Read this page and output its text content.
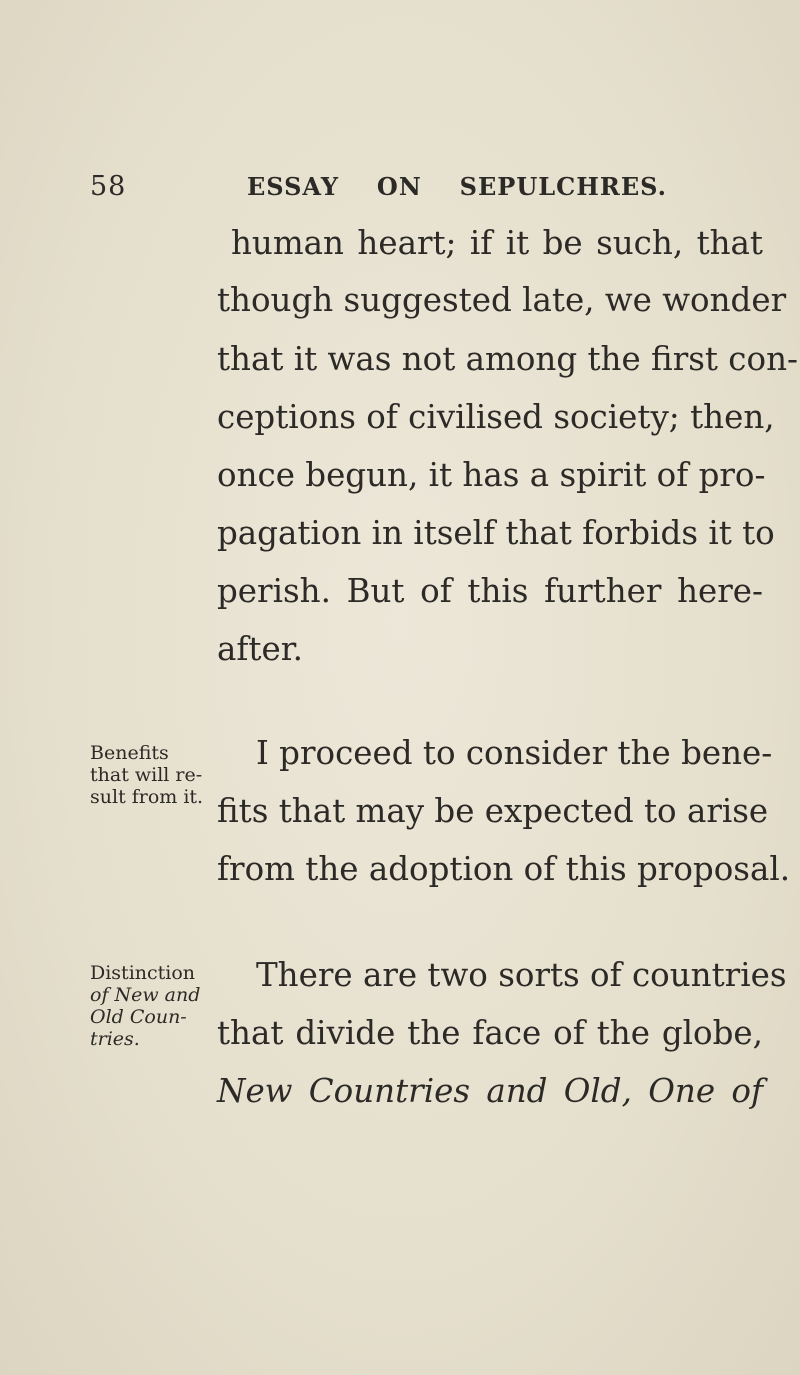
58	ESSAY ON SEPULCHRES.
human heart; if it be such, that
though suggested late, we wonder
that it was not among the first con-
ceptions of civilised society; then,
once begun, it has a spirit of pro-
pagation in itself that forbids it to
perish. But of this further here-
after.
Benefits
that will re-
sult from it.
I proceed to consider the bene-
fits that may be expected to arise
from the adoption of this proposal.
Distinction
of New and
Old Coun-
tries.
There are two sorts of countries
that divide the face of the globe,
New Countries and Old, One of
